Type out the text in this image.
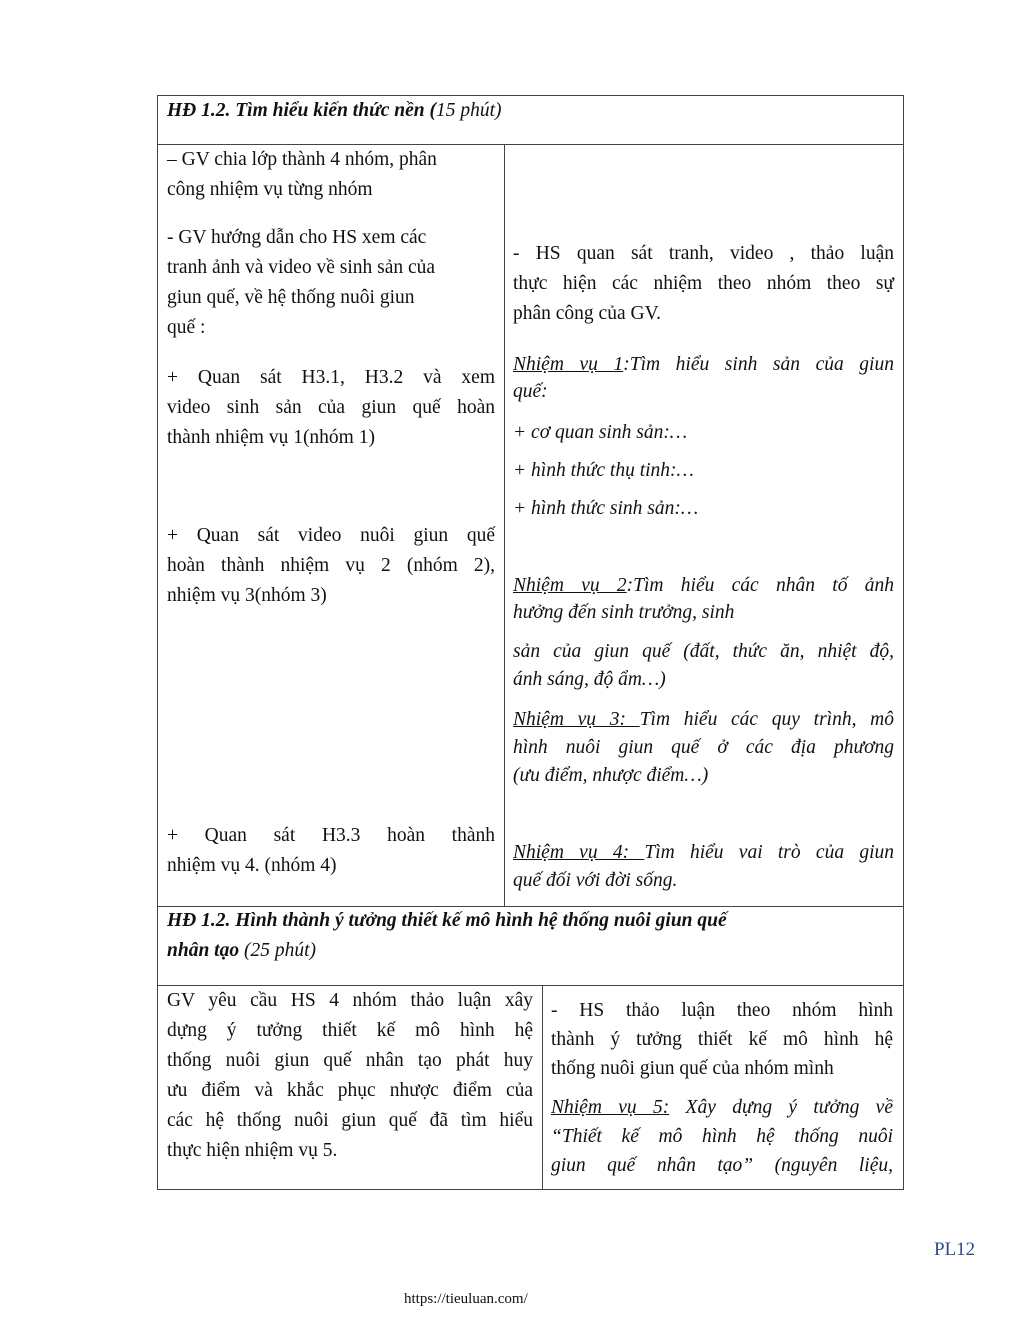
HĐ 1.2. Tìm hiểu kiến thức nền (15 phút)
– GV chia lớp thành 4 nhóm, phân
công nhiệm vụ từng nhóm
- GV hướng dẫn cho HS xem các
tranh ảnh và video về sinh sản của
giun quế, về hệ thống nuôi giun
quế :
+ Quan sát H3.1, H3.2 và xem
video sinh sản của giun quế hoàn
thành nhiệm vụ 1(nhóm 1)
+ Quan sát video nuôi giun quế
hoàn thành nhiệm vụ 2 (nhóm 2),
nhiệm vụ 3(nhóm 3)
+ Quan sát H3.3 hoàn thành
nhiệm vụ 4. (nhóm 4)
- HS quan sát tranh, video , thảo luận
thực hiện các nhiệm theo nhóm theo sự
phân công của GV.
Nhiệm vụ 1:Tìm hiểu sinh sản của giun
quế:
+ cơ quan sinh sản:…
+ hình thức thụ tinh:…
+ hình thức sinh sản:…
Nhiệm vụ 2:Tìm hiểu các nhân tố ảnh
hưởng đến sinh trưởng, sinh
sản của giun quế (đất, thức ăn, nhiệt độ,
ánh sáng, độ ẩm…)
Nhiệm vụ 3: Tìm hiểu các quy trình, mô
hình nuôi giun quế ở các địa phương
(ưu điểm, nhược điểm…)
Nhiệm vụ 4: Tìm hiểu vai trò của giun
quế đối với đời sống.
HĐ 1.2. Hình thành ý tưởng thiết kế mô hình hệ thống nuôi giun quế
nhân tạo (25 phút)
GV yêu cầu HS 4 nhóm thảo luận xây
dựng ý tưởng thiết kế mô hình hệ
thống nuôi giun quế nhân tạo phát huy
ưu điểm và khắc phục nhược điểm của
các hệ thống nuôi giun quế đã tìm hiểu
thực hiện nhiệm vụ 5.
- HS thảo luận theo nhóm hình
thành ý tưởng thiết kế mô hình hệ
thống nuôi giun quế của nhóm mình
Nhiệm vụ 5: Xây dựng ý tưởng về
“Thiết kế mô hình hệ thống nuôi
giun quế nhân tạo” (nguyên liệu,
PL12
https://tieuluan.com/
